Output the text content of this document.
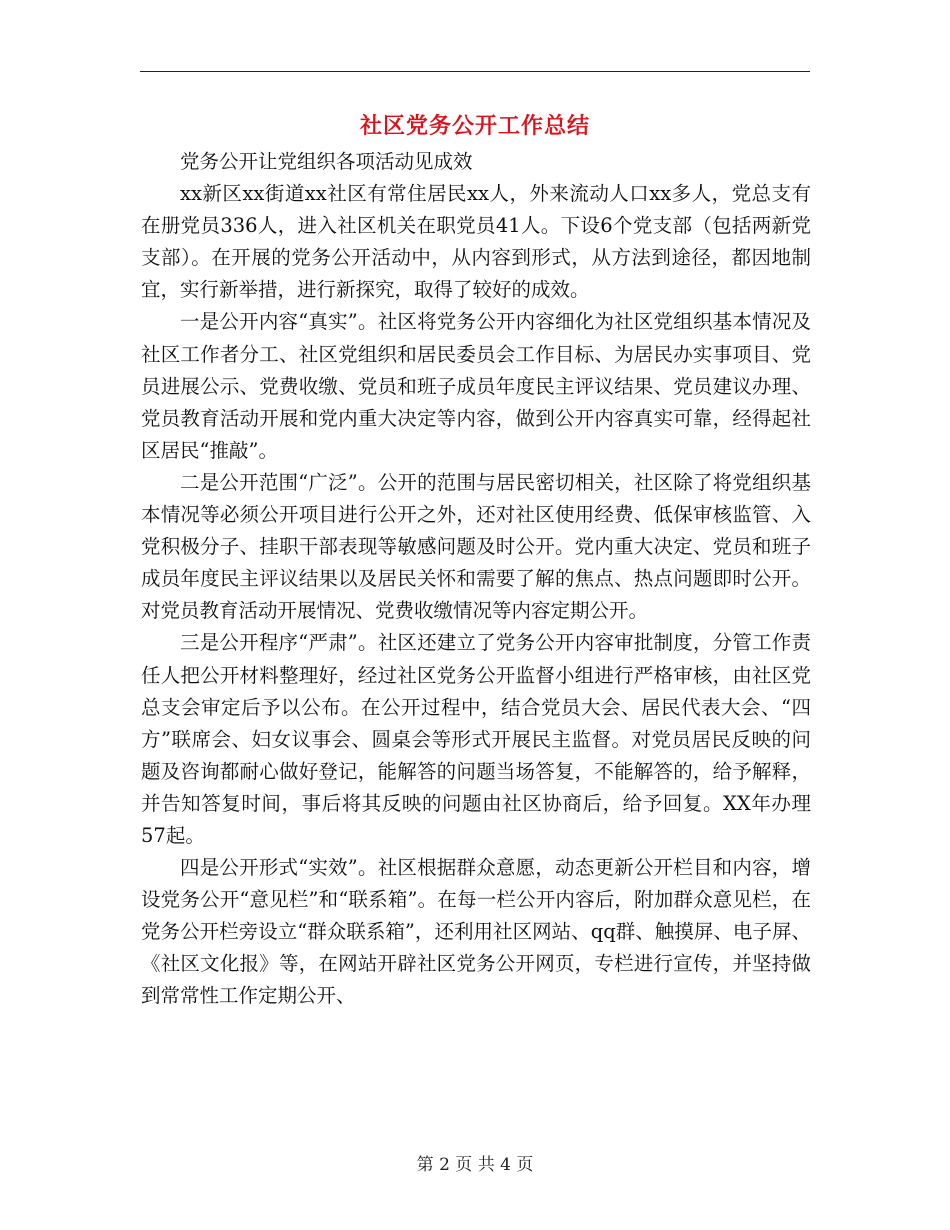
社区党务公开工作总结

党务公开让党组织各项活动见成效

xx新区xx街道xx社区有常住居民xx人，外来流动人口xx多人，党总支有在册党员336人，进入社区机关在职党员41人。下设6个党支部（包括两新党支部）。在开展的党务公开活动中，从内容到形式，从方法到途径，都因地制宜，实行新举措，进行新探究，取得了较好的成效。

一是公开内容“真实”。社区将党务公开内容细化为社区党组织基本情况及社区工作者分工、社区党组织和居民委员会工作目标、为居民办实事项目、党员进展公示、党费收缴、党员和班子成员年度民主评议结果、党员建议办理、党员教育活动开展和党内重大决定等内容，做到公开内容真实可靠，经得起社区居民“推敲”。

二是公开范围“广泛”。公开的范围与居民密切相关，社区除了将党组织基本情况等必须公开项目进行公开之外，还对社区使用经费、低保审核监管、入党积极分子、挂职干部表现等敏感问题及时公开。党内重大决定、党员和班子成员年度民主评议结果以及居民关怀和需要了解的焦点、热点问题即时公开。对党员教育活动开展情况、党费收缴情况等内容定期公开。

三是公开程序“严肃”。社区还建立了党务公开内容审批制度，分管工作责任人把公开材料整理好，经过社区党务公开监督小组进行严格审核，由社区党总支会审定后予以公布。在公开过程中，结合党员大会、居民代表大会、“四方”联席会、妇女议事会、圆桌会等形式开展民主监督。对党员居民反映的问题及咨询都耐心做好登记，能解答的问题当场答复，不能解答的，给予解释，并告知答复时间，事后将其反映的问题由社区协商后，给予回复。XX年办理57起。

四是公开形式“实效”。社区根据群众意愿，动态更新公开栏目和内容，增设党务公开“意见栏”和“联系箱”。在每一栏公开内容后，附加群众意见栏，在党务公开栏旁设立“群众联系箱”，还利用社区网站、qq群、触摸屏、电子屏、《社区文化报》等，在网站开辟社区党务公开网页，专栏进行宣传，并坚持做到常常性工作定期公开、

第 2 页 共 4 页
